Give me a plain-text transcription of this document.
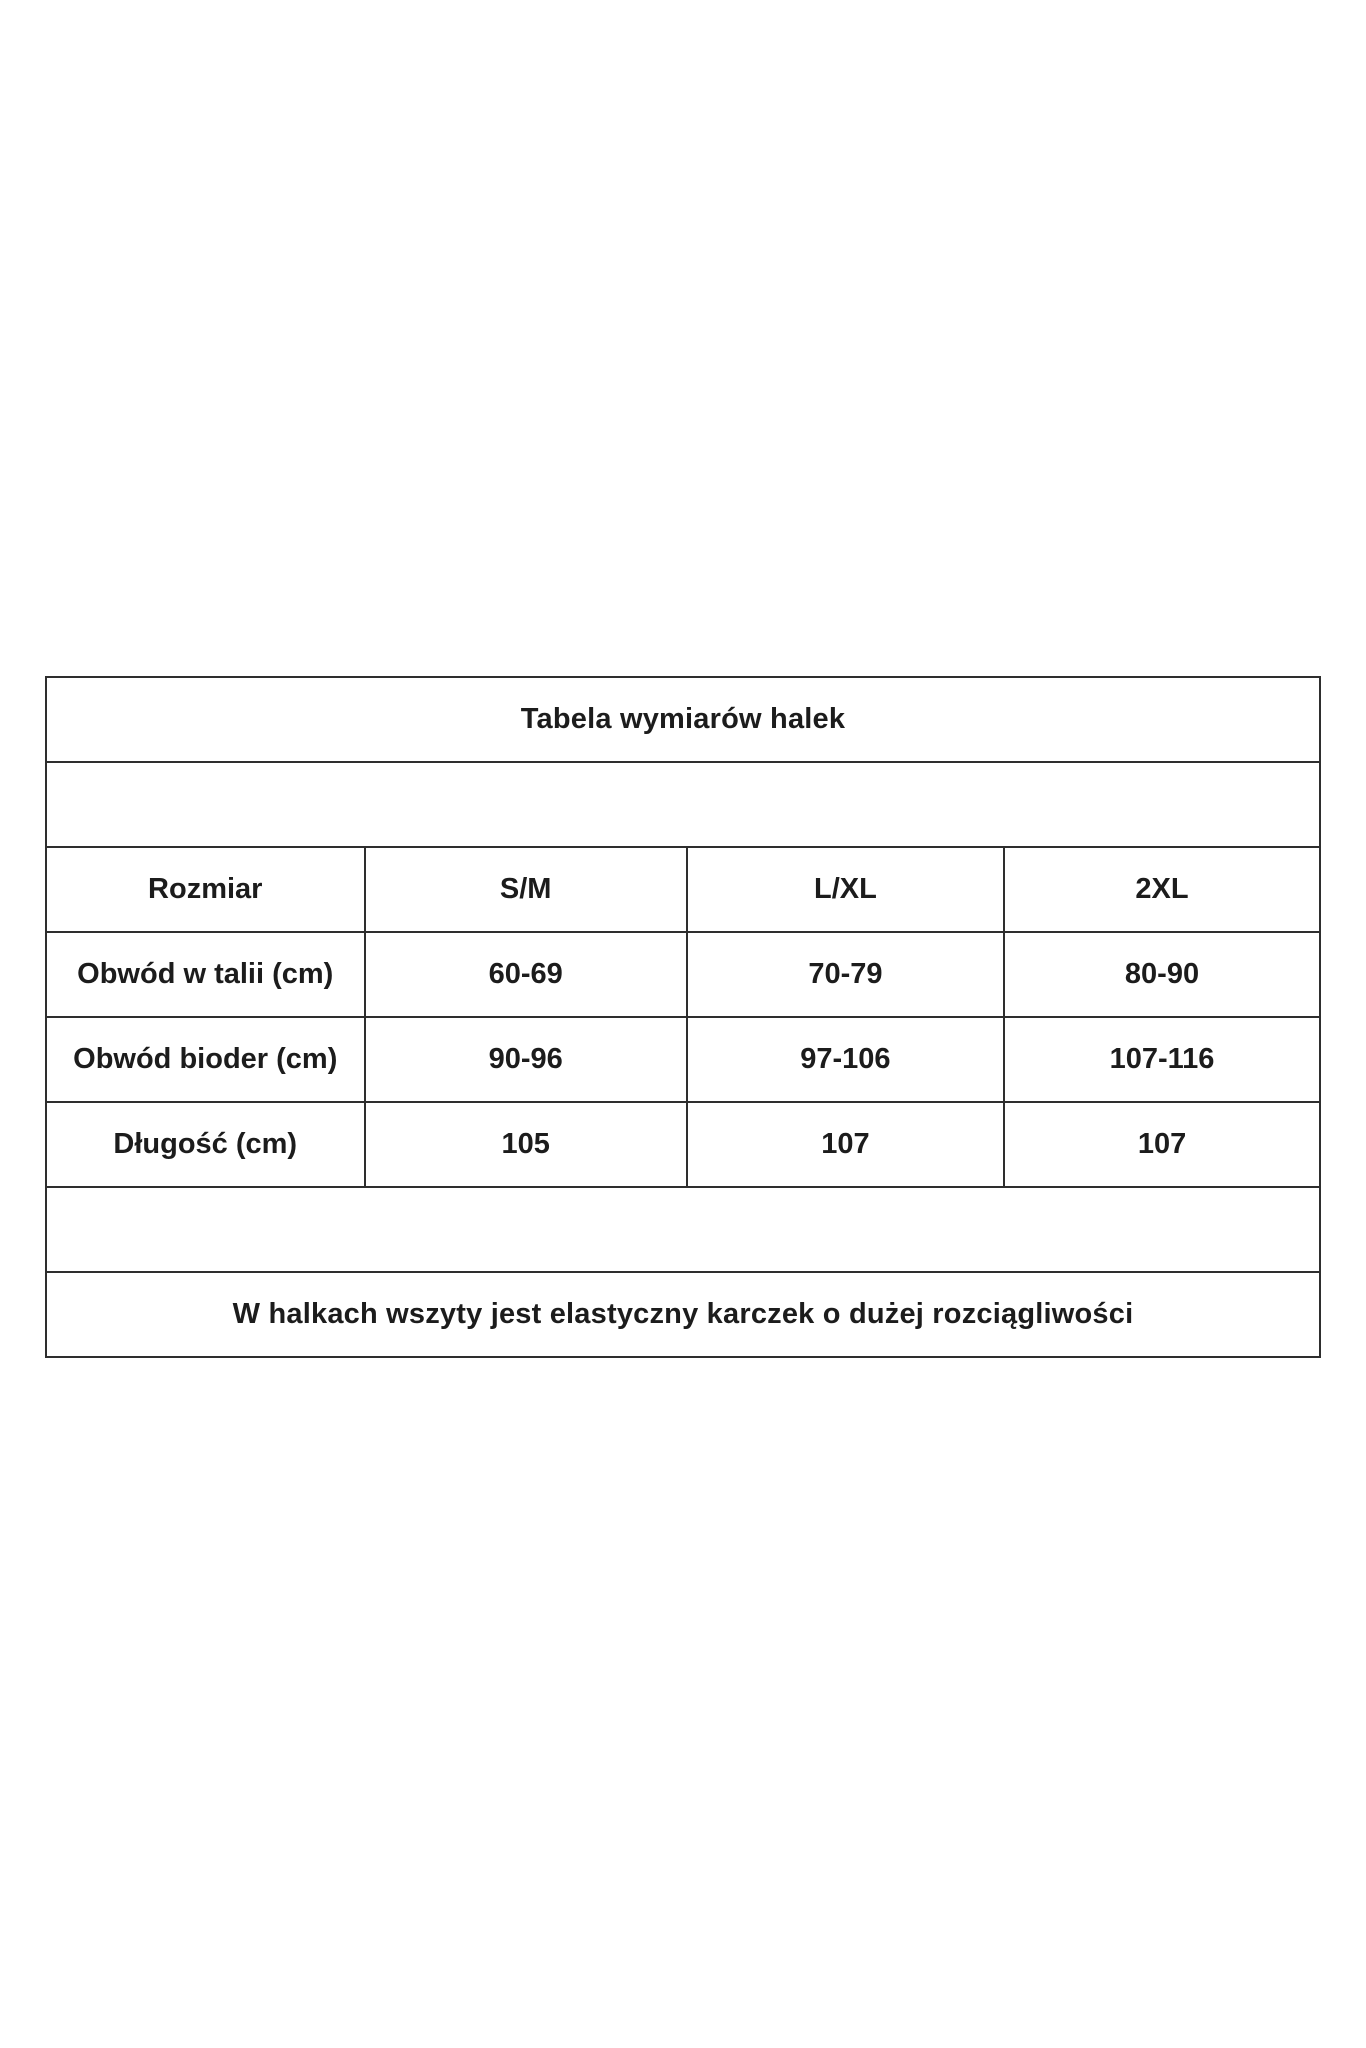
Tabela wymiarów halek			

Rozmiar	S/M	L/XL	2XL
Obwód w talii (cm)	60-69	70-79	80-90
Obwód bioder (cm)	90-96	97-106	107-116
Długość (cm)	105	107	107

W halkach wszyty jest elastyczny karczek o dużej rozciągliwości			
